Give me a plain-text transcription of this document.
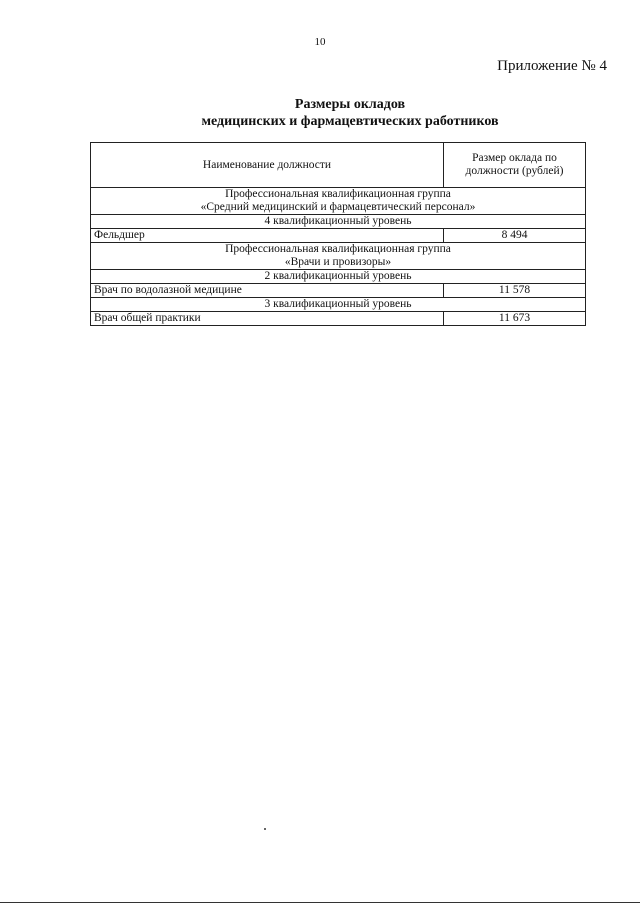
10
Приложение № 4
Размеры окладов
медицинских и фармацевтических работников
Наименование должности	Размер оклада по должности (рублей)

Профессиональная квалификационная группа
«Средний медицинский и фармацевтический персонал»	

4 квалификационный уровень	
Фельдшер	8 494

Профессиональная квалификационная группа
«Врачи и провизоры»	

2 квалификационный уровень	
Врач по водолазной медицине	11 578
3 квалификационный уровень	
Врач общей практики	11 673
